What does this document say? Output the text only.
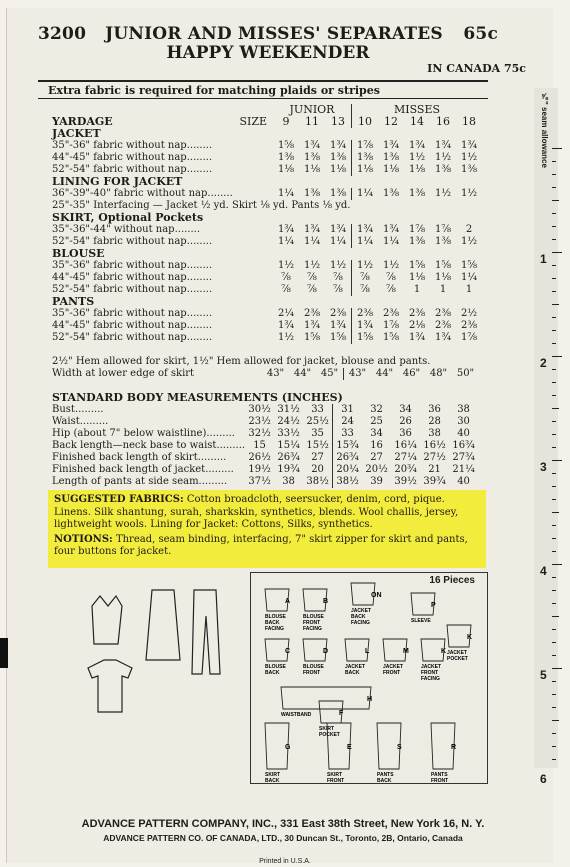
3200	JUNIOR AND MISSES' SEPARATES	65c
HAPPY WEEKENDER
IN CANADA 75c
Extra fabric is required for matching plaids or stripes
		JUNIOR			MISSES				
YARDAGE	SIZE	9	11	13	10	12	14	16	18
JACKET									
35"-36" fabric without nap........		1⅝	1¾	1¾	1⅞	1¾	1¾	1¾	1¾
44"-45" fabric without nap........		1⅜	1⅜	1⅜	1⅜	1⅜	1½	1½	1½
52"-54" fabric without nap........		1⅛	1⅛	1⅛	1⅛	1⅛	1⅛	1⅜	1⅜
LINING FOR JACKET									
36"-39"-40" fabric without nap........		1¼	1⅜	1⅜	1¼	1⅜	1⅜	1½	1½
25"-35" Interfacing — Jacket ½ yd. Skirt ⅛ yd. Pants ⅛ yd.									
SKIRT, Optional Pockets									
35"-36"-44" without nap........		1¾	1¾	1¾	1¾	1¾	1⅞	1⅞	2
52"-54" fabric without nap........		1¼	1¼	1¼	1¼	1¼	1⅜	1⅜	1½
BLOUSE									
35"-36" fabric without nap........		1½	1½	1½	1½	1½	1⅝	1⅝	1⅝
44"-45" fabric without nap........		⅞	⅞	⅞	⅞	⅞	1⅛	1⅛	1¼
52"-54" fabric without nap........		⅞	⅞	⅞	⅞	⅞	1	1	1
PANTS									
35"-36" fabric without nap........		2¼	2⅜	2⅜	2⅜	2⅜	2⅜	2⅜	2½
44"-45" fabric without nap........		1¾	1¾	1¾	1¾	1⅞	2⅛	2⅜	2⅜
52"-54" fabric without nap........		1½	1⅝	1⅝	1⅝	1⅝	1¾	1¾	1⅞
2½" Hem allowed for skirt, 1½" Hem allowed for jacket, blouse and pants.
Width at lower edge of skirt	43" 44" 45"	43" 44" 46" 48" 50"
STANDARD BODY MEASUREMENTS (INCHES)								
Bust.........	30½	31½	33	31	32	34	36	38
Waist.........	23½	24½	25½	24	25	26	28	30
Hip (about 7" below waistline).........	32½	33½	35	33	34	36	38	40
Back length—neck base to waist.........	15	15¼	15½	15¾	16	16¼	16½	16¾
Finished back length of skirt.........	26½	26¾	27	26¾	27	27¼	27½	27¾
Finished back length of jacket.........	19½	19¾	20	20¼	20½	20¾	21	21¼
Length of pants at side seam.........	37½	38	38½	38½	39	39½	39¾	40
SUGGESTED FABRICS: Cotton broadcloth, seersucker, denim, cord, pique. Linens. Silk shantung, surah, sharkskin, synthetics, blends. Wool challis, jersey, lightweight wools. Lining for Jacket: Cottons, Silks, synthetics.
NOTIONS: Thread, seam binding, interfacing, 7" skirt zipper for skirt and pants, four buttons for jacket.
16 Pieces
A
BLOUSE
BACK
FACING
B
BLOUSE
FRONT
FACING
ON
JACKET
BACK
FACING
P
SLEEVE
C
BLOUSE
BACK
D
BLOUSE
FRONT
L
JACKET
BACK
M
JACKET
FRONT
K
JACKET
FRONT
FACING
K
JACKET
POCKET
H
WAISTBAND	F
SKIRT
POCKET
G
SKIRT
BACK
E
SKIRT
FRONT
S
PANTS
BACK
R
PANTS
FRONT
⅝" seam allowance
1
2
3
4
5
6
ADVANCE PATTERN COMPANY, INC., 331 East 38th Street, New York 16, N. Y.
ADVANCE PATTERN CO. OF CANADA, LTD., 30 Duncan St., Toronto, 2B, Ontario, Canada
Printed in U.S.A.
